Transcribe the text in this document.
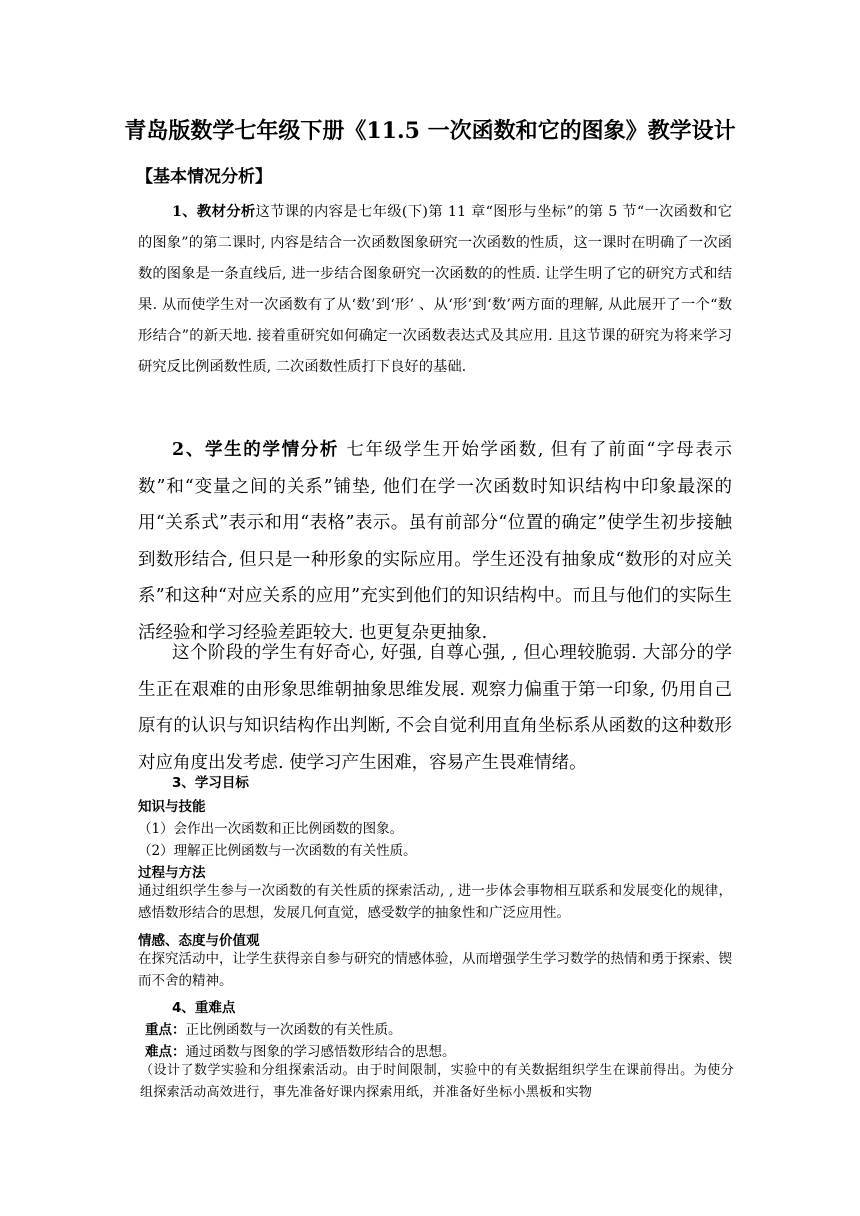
青岛版数学七年级下册《11.5 一次函数和它的图象》教学设计
【基本情况分析】
1、教材分析这节课的内容是七年级(下)第 11 章“图形与坐标”的第 5 节“一次函数和它的图象”的第二课时, 内容是结合一次函数图象研究一次函数的性质，这一课时在明确了一次函数的图象是一条直线后, 进一步结合图象研究一次函数的的性质. 让学生明了它的研究方式和结果. 从而使学生对一次函数有了从‘数’到‘形’ 、从‘形’到‘数’两方面的理解, 从此展开了一个“数形结合”的新天地. 接着重研究如何确定一次函数表达式及其应用. 且这节课的研究为将来学习研究反比例函数性质, 二次函数性质打下良好的基础.
2、学生的学情分析 七年级学生开始学函数, 但有了前面“字母表示数”和“变量之间的关系”铺垫, 他们在学一次函数时知识结构中印象最深的用“关系式”表示和用“表格”表示。虽有前部分“位置的确定”使学生初步接触到数形结合, 但只是一种形象的实际应用。学生还没有抽象成“数形的对应关系”和这种“对应关系的应用”充实到他们的知识结构中。而且与他们的实际生活经验和学习经验差距较大. 也更复杂更抽象.
这个阶段的学生有好奇心, 好强, 自尊心强, , 但心理较脆弱. 大部分的学生正在艰难的由形象思维朝抽象思维发展. 观察力偏重于第一印象, 仍用自己原有的认识与知识结构作出判断, 不会自觉利用直角坐标系从函数的这种数形对应角度出发考虑. 使学习产生困难，容易产生畏难情绪。
3、学习目标
知识与技能
（1）会作出一次函数和正比例函数的图象。
（2）理解正比例函数与一次函数的有关性质。
过程与方法
通过组织学生参与一次函数的有关性质的探索活动, , 进一步体会事物相互联系和发展变化的规律，感悟数形结合的思想，发展几何直觉，感受数学的抽象性和广泛应用性。
情感、态度与价值观
在探究活动中，让学生获得亲自参与研究的情感体验，从而增强学生学习数学的热情和勇于探索、锲而不舍的精神。
4、重难点
重点：正比例函数与一次函数的有关性质。
难点：通过函数与图象的学习感悟数形结合的思想。
（设计了数学实验和分组探索活动。由于时间限制，实验中的有关数据组织学生在课前得出。为使分组探索活动高效进行，事先准备好课内探索用纸，并准备好坐标小黑板和实物
